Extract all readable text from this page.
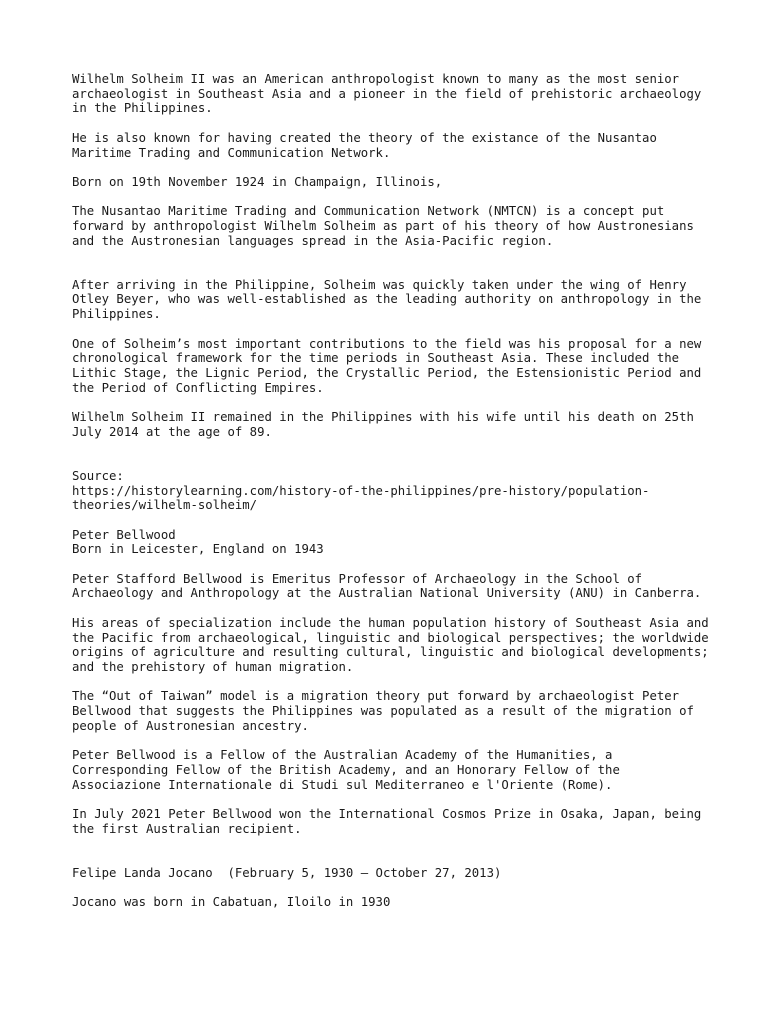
Wilhelm Solheim II was an American anthropologist known to many as the most senior archaeologist in Southeast Asia and a pioneer in the field of prehistoric archaeology in the Philippines.

He is also known for having created the theory of the existance of the Nusantao Maritime Trading and Communication Network.

Born on 19th November 1924 in Champaign, Illinois,

The Nusantao Maritime Trading and Communication Network (NMTCN) is a concept put forward by anthropologist Wilhelm Solheim as part of his theory of how Austronesians and the Austronesian languages spread in the Asia-Pacific region.

After arriving in the Philippine, Solheim was quickly taken under the wing of Henry Otley Beyer, who was well-established as the leading authority on anthropology in the Philippines.

One of Solheim’s most important contributions to the field was his proposal for a new chronological framework for the time periods in Southeast Asia. These included the Lithic Stage, the Lignic Period, the Crystallic Period, the Estensionistic Period and the Period of Conflicting Empires.

Wilhelm Solheim II remained in the Philippines with his wife until his death on 25th July 2014 at the age of 89.

Source:
https://historylearning.com/history-of-the-philippines/pre-history/population-
theories/wilhelm-solheim/

Peter Bellwood
Born in Leicester, England on 1943

Peter Stafford Bellwood is Emeritus Professor of Archaeology in the School of Archaeology and Anthropology at the Australian National University (ANU) in Canberra.

His areas of specialization include the human population history of Southeast Asia and the Pacific from archaeological, linguistic and biological perspectives; the worldwide origins of agriculture and resulting cultural, linguistic and biological developments; and the prehistory of human migration.

The “Out of Taiwan” model is a migration theory put forward by archaeologist Peter Bellwood that suggests the Philippines was populated as a result of the migration of people of Austronesian ancestry.

Peter Bellwood is a Fellow of the Australian Academy of the Humanities, a Corresponding Fellow of the British Academy, and an Honorary Fellow of the Associazione Internationale di Studi sul Mediterraneo e l'Oriente (Rome).

In July 2021 Peter Bellwood won the International Cosmos Prize in Osaka, Japan, being the first Australian recipient.

Felipe Landa Jocano  (February 5, 1930 – October 27, 2013)

Jocano was born in Cabatuan, Iloilo in 1930
